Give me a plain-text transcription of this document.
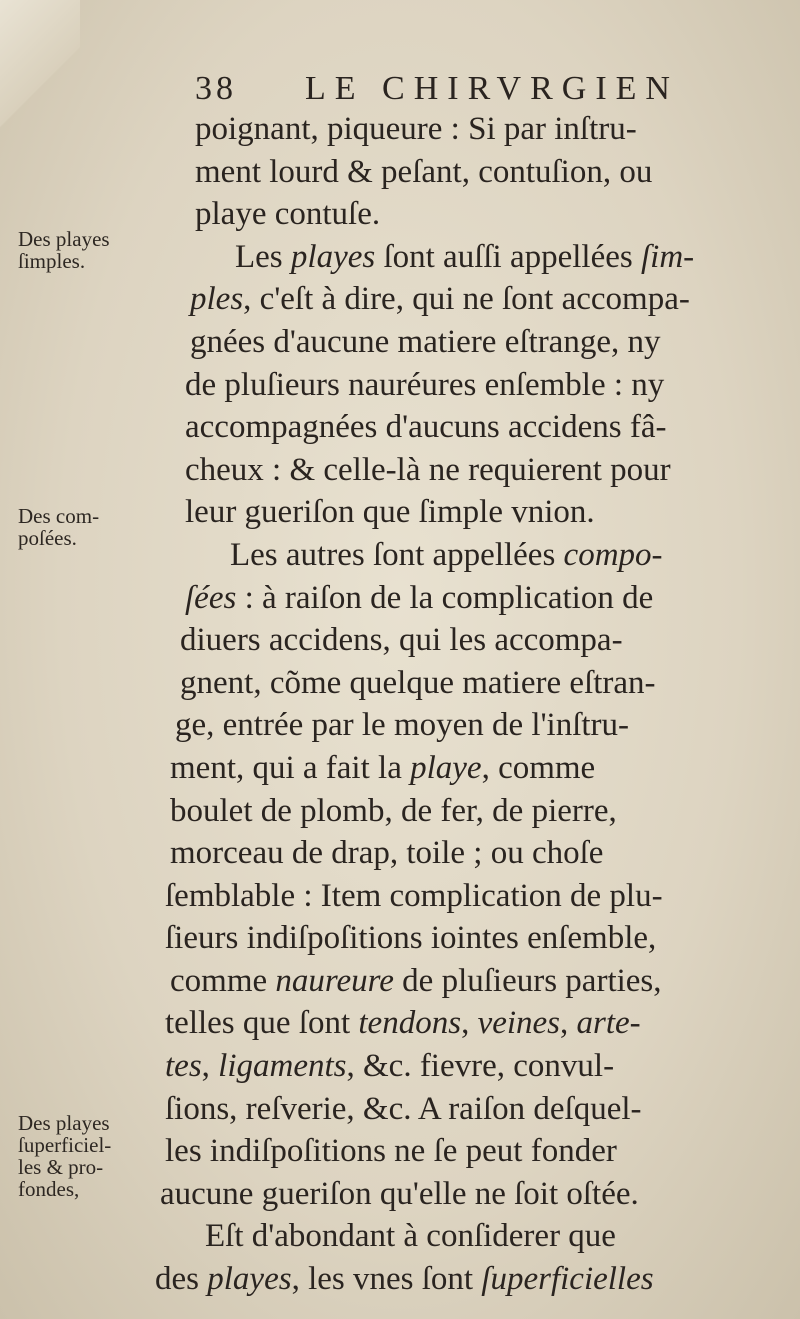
38 LE CHIRVRGIEN
Des playes
ſimples.
Des com-
poſées.
Des playes
ſuperficiel-
les & pro-
fondes,
poignant, piqueure : Si par inſtru-
ment lourd & peſant, contuſion, ou
playe contuſe.
Les playes ſont auſſi appellées ſim-
ples, c'eſt à dire, qui ne ſont accompa-
gnées d'aucune matiere eſtrange, ny
de pluſieurs nauréures enſemble : ny
accompagnées d'aucuns accidens fâ-
cheux : & celle-là ne requierent pour
leur gueriſon que ſimple vnion.
Les autres ſont appellées compo-
ſées : à raiſon de la complication de
diuers accidens, qui les accompa-
gnent, cõme quelque matiere eſtran-
ge, entrée par le moyen de l'inſtru-
ment, qui a fait la playe, comme
boulet de plomb, de fer, de pierre,
morceau de drap, toile ; ou choſe
ſemblable : Item complication de plu-
ſieurs indiſpoſitions iointes enſemble,
comme naureure de pluſieurs parties,
telles que ſont tendons, veines, arte-
tes, ligaments, &c. fievre, convul-
ſions, reſverie, &c. A raiſon deſquel-
les indiſpoſitions ne ſe peut fonder
aucune gueriſon qu'elle ne ſoit oſtée.
Eſt d'abondant à conſiderer que
des playes, les vnes ſont ſuperficielles
